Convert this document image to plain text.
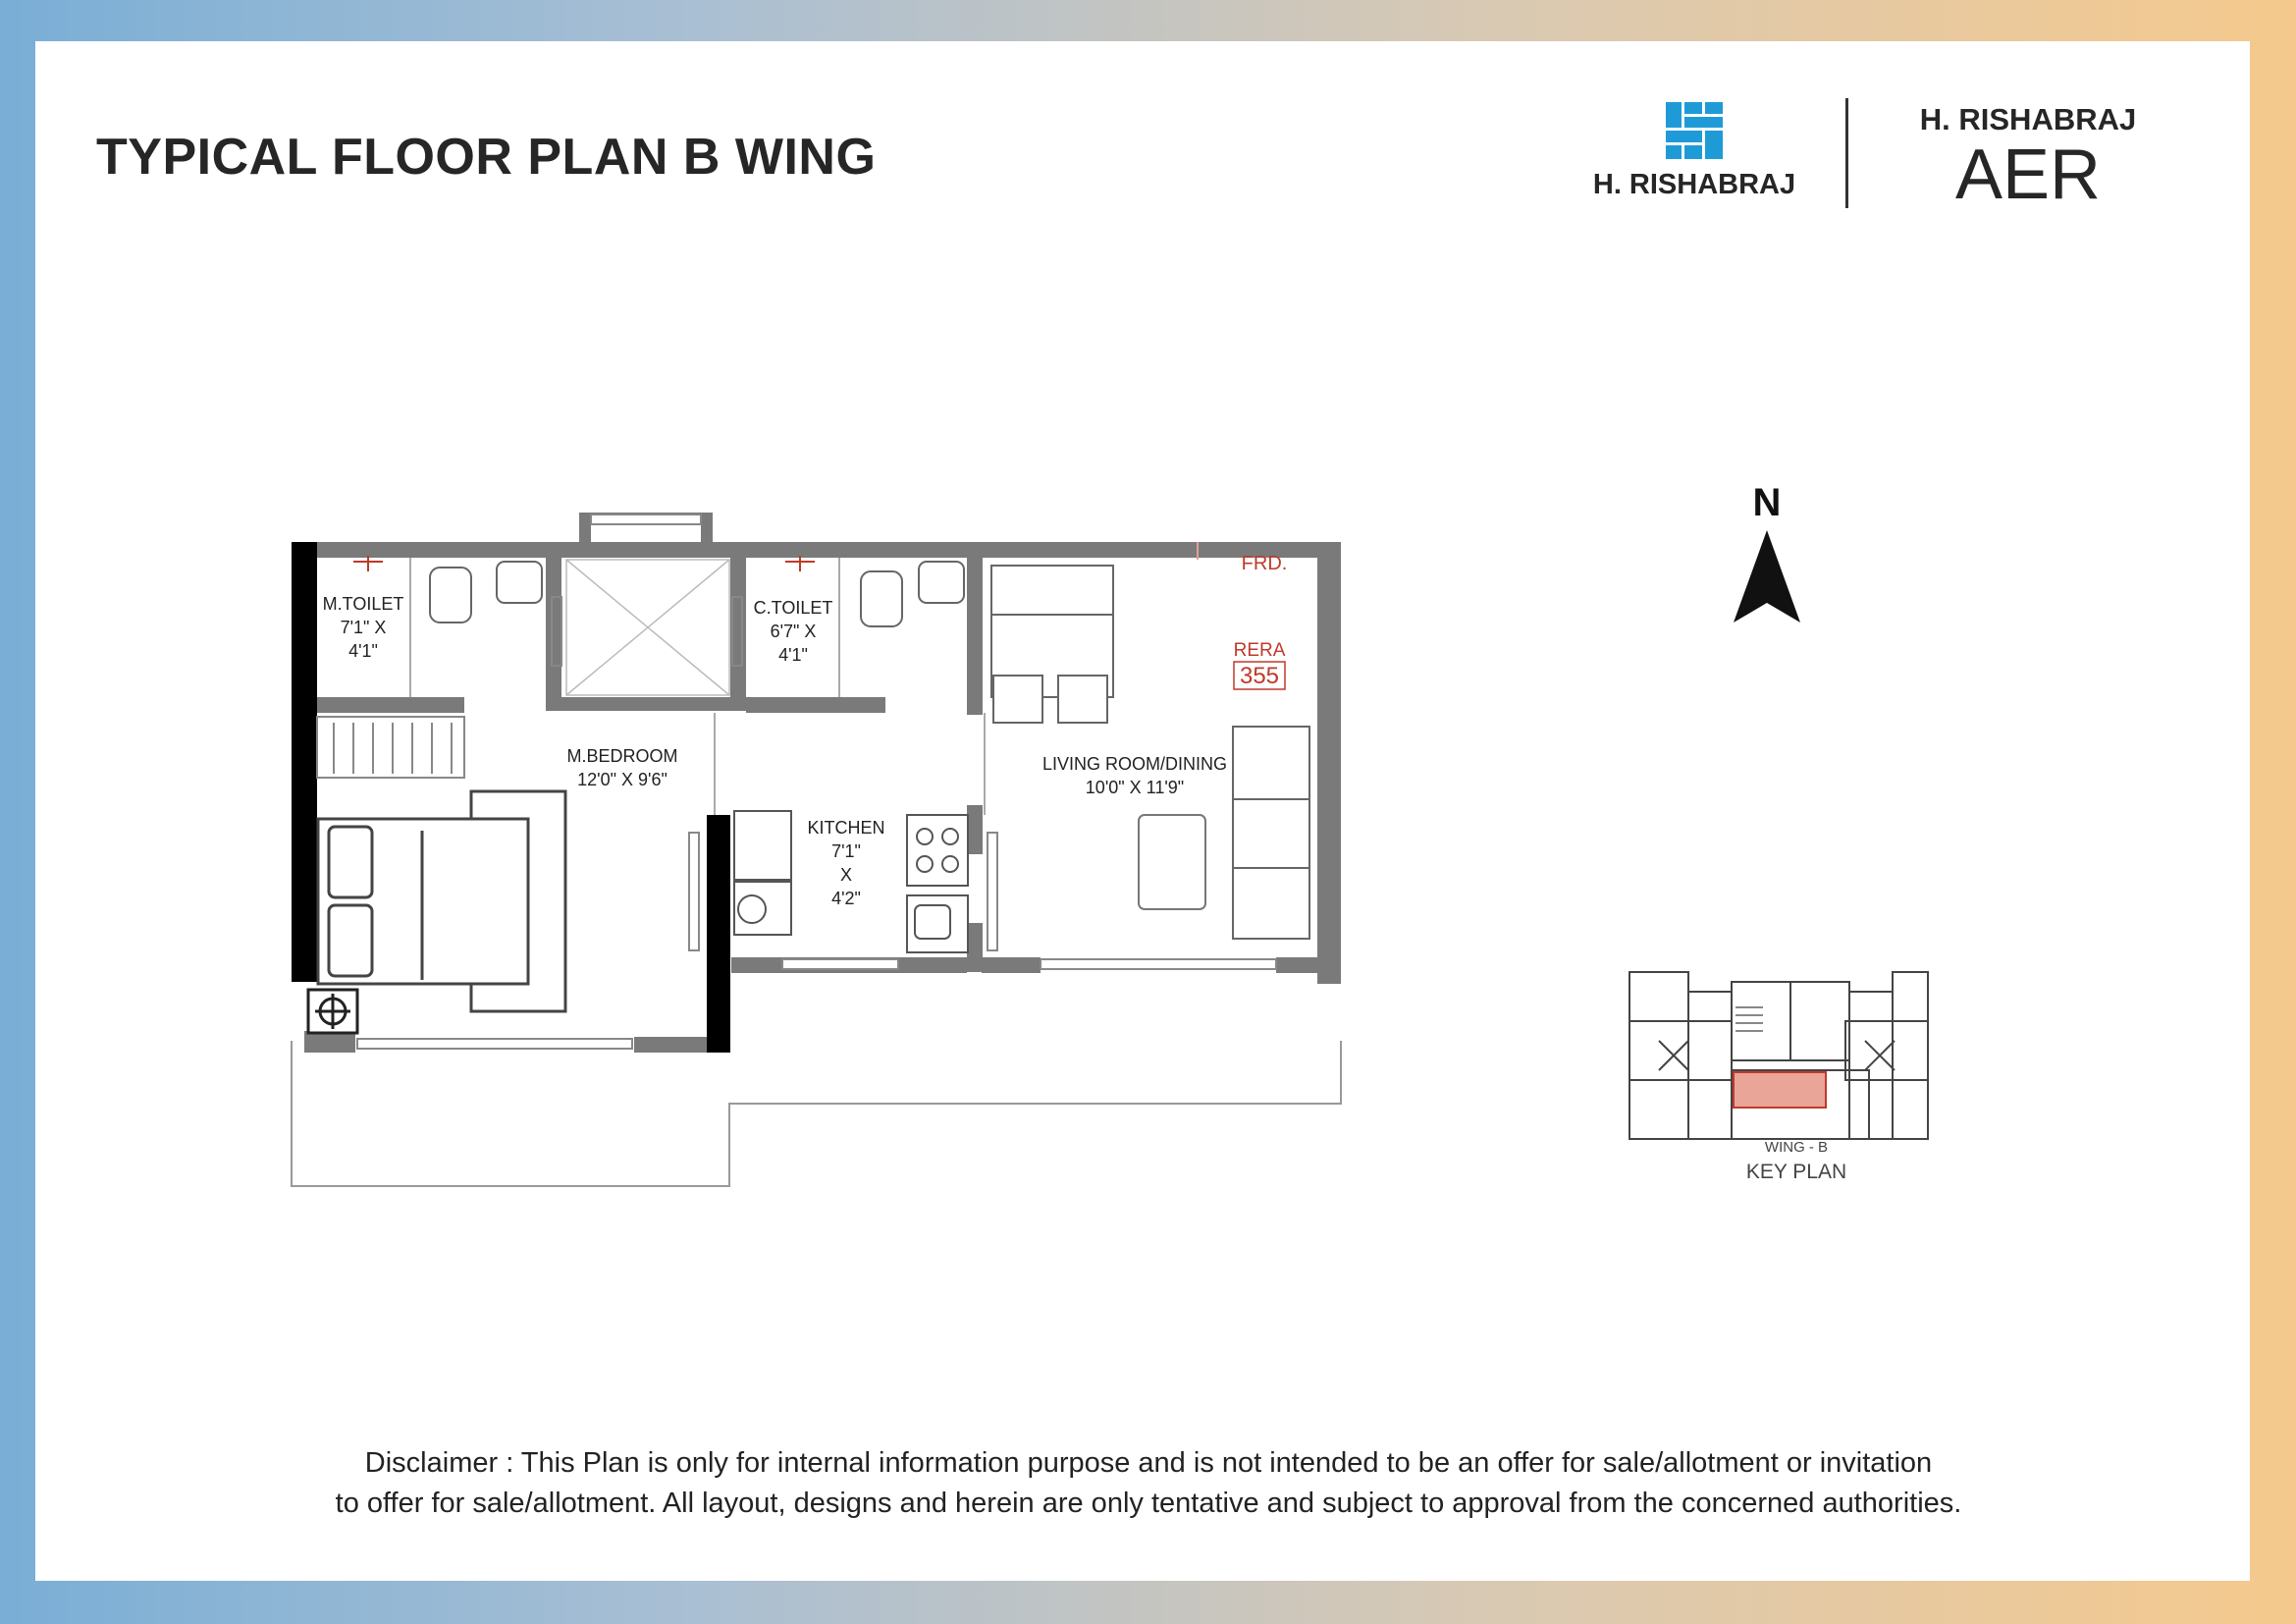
TYPICAL FLOOR PLAN B WING	H. RISHABRAJ
H. RISHABRAJ
AER
M.TOILET
7'1" X
4'1"
C.TOILET
6'7" X
4'1"
M.BEDROOM
12'0" X 9'6"
KITCHEN
7'1"
X
4'2"
LIVING ROOM/DINING
10'0" X 11'9"
FRD.
RERA
355
N
WING - B
KEY PLAN
Disclaimer : This Plan is only for internal information purpose and is not intended to be an offer for sale/allotment or invitation
to offer for sale/allotment. All layout, designs and herein are only tentative and subject to approval from the concerned authorities.
